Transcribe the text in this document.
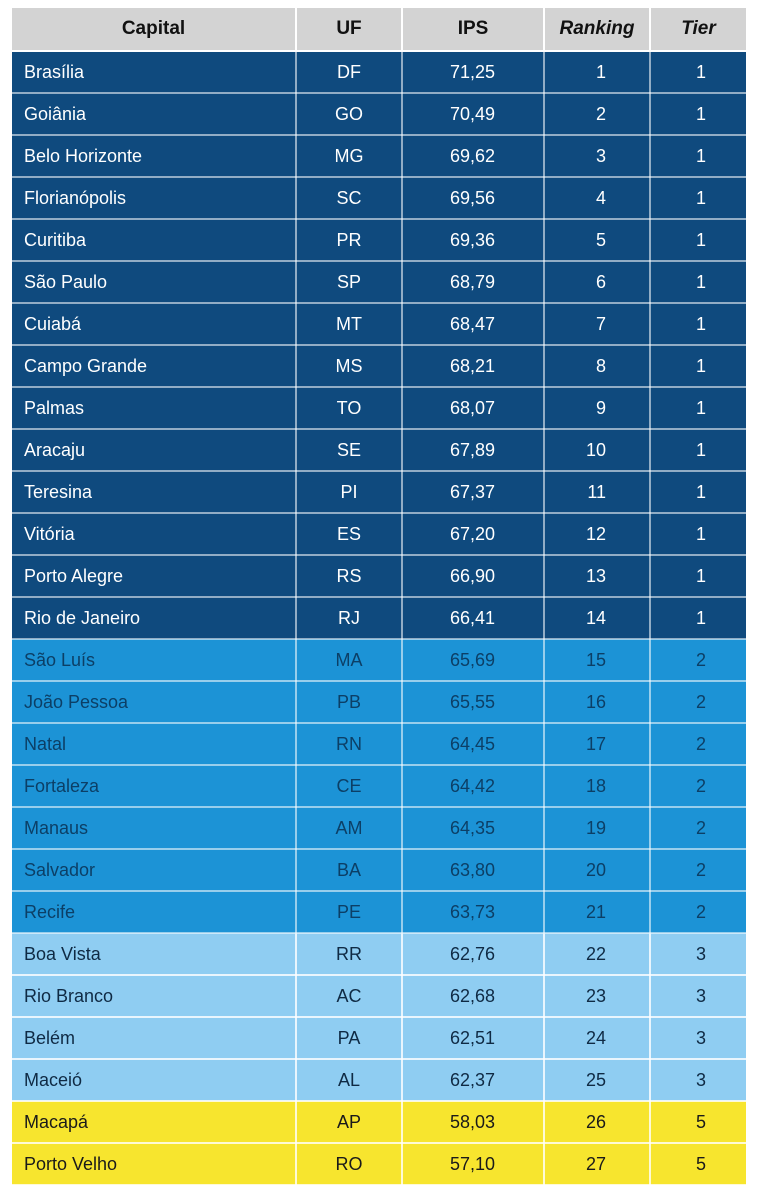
Capital	UF	IPS	Ranking	Tier
Brasília	DF	71,25	1	1
Goiânia	GO	70,49	2	1
Belo Horizonte	MG	69,62	3	1
Florianópolis	SC	69,56	4	1
Curitiba	PR	69,36	5	1
São Paulo	SP	68,79	6	1
Cuiabá	MT	68,47	7	1
Campo Grande	MS	68,21	8	1
Palmas	TO	68,07	9	1
Aracaju	SE	67,89	10	1
Teresina	PI	67,37	11	1
Vitória	ES	67,20	12	1
Porto Alegre	RS	66,90	13	1
Rio de Janeiro	RJ	66,41	14	1
São Luís	MA	65,69	15	2
João Pessoa	PB	65,55	16	2
Natal	RN	64,45	17	2
Fortaleza	CE	64,42	18	2
Manaus	AM	64,35	19	2
Salvador	BA	63,80	20	2
Recife	PE	63,73	21	2
Boa Vista	RR	62,76	22	3
Rio Branco	AC	62,68	23	3
Belém	PA	62,51	24	3
Maceió	AL	62,37	25	3
Macapá	AP	58,03	26	5
Porto Velho	RO	57,10	27	5
